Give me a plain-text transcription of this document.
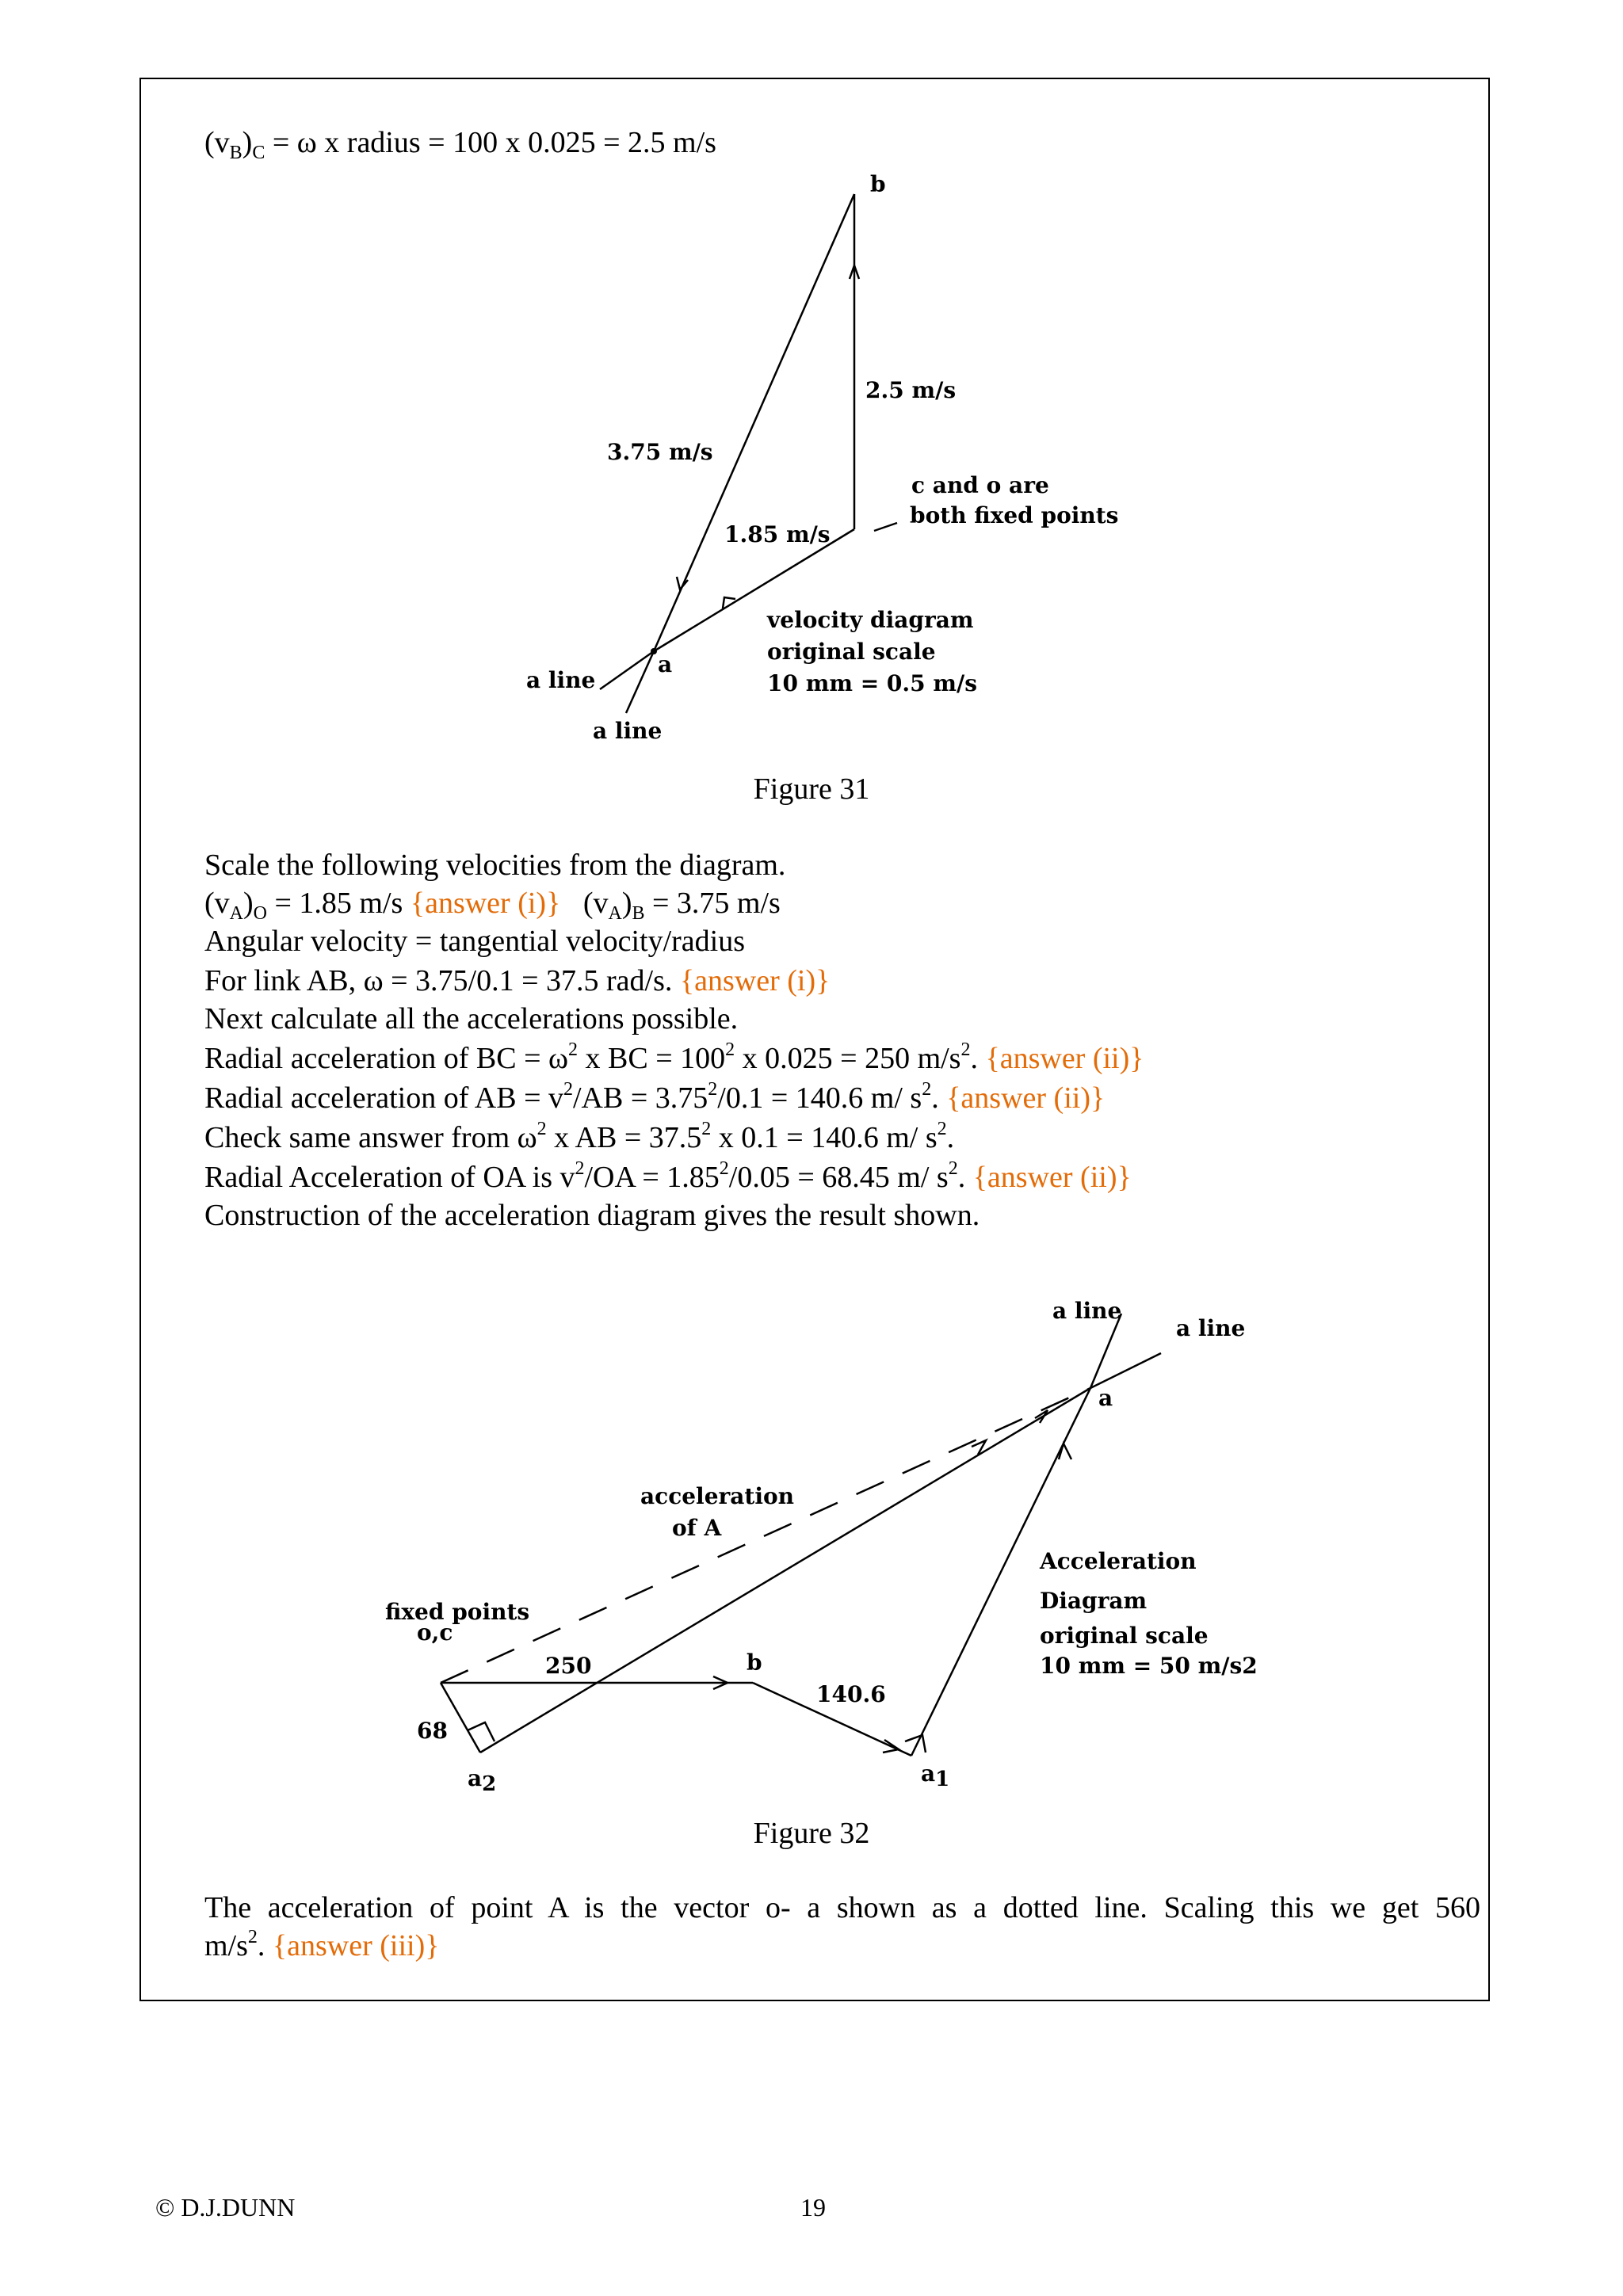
$(v_B)_C = \omega$ x radius = 100 x 0.025 = 2.5 m/s
b
2.5 m/s
3.75 m/s
c and o are
both fixed points
1.85 m/s
velocity diagram
original scale
10 mm = 0.5 m/s
a
a line
a line
a line
a line
a
acceleration
of A
Acceleration
Diagram
original scale
10 mm = 50 m/s2
fixed points
o,c
250	b
140.6
68
a2	a1
Figure 31
Scale the following velocities from the diagram.
$(v_A)_O = 1.85$ m/s {answer (i)}   $(v_A)_B = 3.75$ m/s
Angular velocity = tangential velocity/radius
For link AB, ω = 3.75/0.1 = 37.5 rad/s. {answer (i)}
Next calculate all the accelerations possible.
Radial acceleration of BC = $\omega^2$ x BC = $100^2$ x 0.025 = 250 $m/s^2$. {answer (ii)}
Radial acceleration of AB = $v^2/AB = 3.75^2/0.1 = 140.6$ m/ $s^2$. {answer (ii)}
Check same answer from $\omega^2$ x AB = $37.5^2$ x 0.1 = 140.6 m/ $s^2$.
Radial Acceleration of OA is $v^2/OA = 1.85^2/0.05 = 68.45$ m/ $s^2$. {answer (ii)}
Construction of the acceleration diagram gives the result shown.
Figure 32
The acceleration of point A is the vector o- a shown as a dotted line. Scaling this we get 560
$m/s^2$. {answer (iii)}
© D.J.DUNN	19
